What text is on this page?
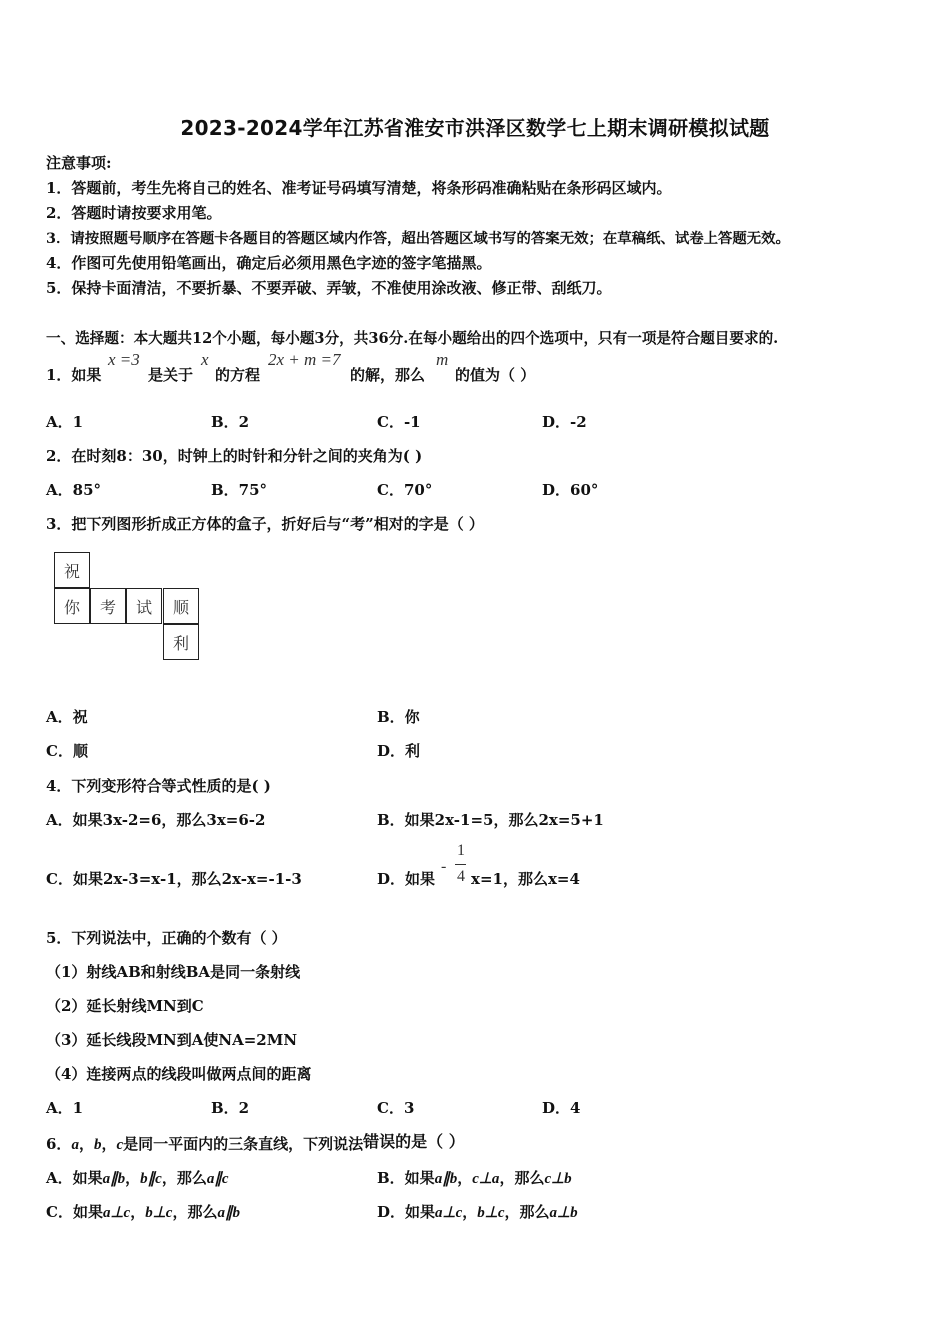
2023-2024学年江苏省淮安市洪泽区数学七上期末调研模拟试题
注意事项:
1．答题前，考生先将自己的姓名、准考证号码填写清楚，将条形码准确粘贴在条形码区域内。
2．答题时请按要求用笔。
3．请按照题号顺序在答题卡各题目的答题区域内作答，超出答题区域书写的答案无效；在草稿纸、试卷上答题无效。
4．作图可先使用铅笔画出，确定后必须用黑色字迹的签字笔描黑。
5．保持卡面清洁，不要折暴、不要弄破、弄皱，不准使用涂改液、修正带、刮纸刀。
一、选择题：本大题共12个小题，每小题3分，共36分.在每小题给出的四个选项中，只有一项是符合题目要求的.
1．如果
x =3
是关于
x
的方程
2x + m =7
的解，那么
m
的值为（ ）
A．1	B．2	C．-1	D．-2
2．在时刻8：30，时钟上的时针和分针之间的夹角为( )
A．85°	B．75°	C．70°	D．60°
3．把下列图形折成正方体的盒子，折好后与“考”相对的字是（ ）
祝
你	考	试	顺
利
A．祝	B．你
C．顺	D．利
4．下列变形符合等式性质的是( )
A．如果3x-2=6，那么3x=6-2	B．如果2x-1=5，那么2x=5+1
C．如果2x-3=x-1，那么2x-x=-1-3	D．如果
-
1
4 x=1，那么x=4
5．下列说法中，正确的个数有（ ）
（1）射线AB和射线BA是同一条射线
（2）延长射线MN到C
（3）延长线段MN到A使NA=2MN
（4）连接两点的线段叫做两点间的距离
A．1	B．2	C．3	D．4
6．a，b，c是同一平面内的三条直线，下列说法错误的是（ ）
A．如果a∥b，b∥c，那么a∥c	B．如果a∥b，c⊥a，那么c⊥b
C．如果a⊥c，b⊥c，那么a∥b	D．如果a⊥c，b⊥c，那么a⊥b
